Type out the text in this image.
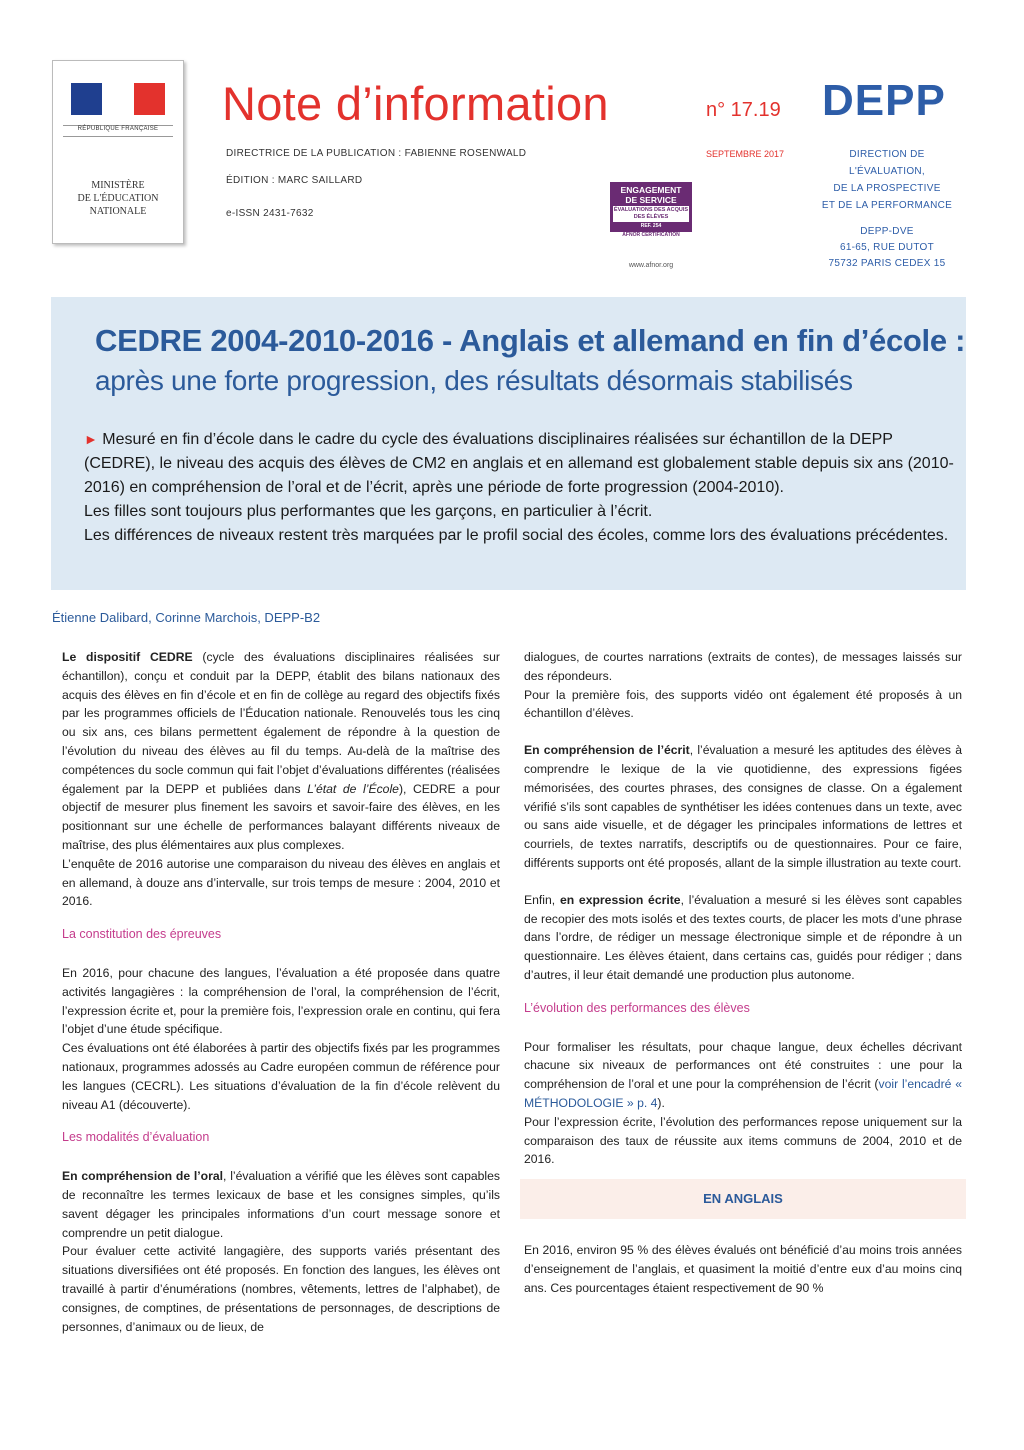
RÉPUBLIQUE FRANÇAISE
MINISTÈRE
DE L'ÉDUCATION
NATIONALE
Note d’information	n° 17.19 DEPP
DIRECTRICE DE LA PUBLICATION : FABIENNE ROSENWALD
ÉDITION : MARC SAILLARD
e-ISSN 2431-7632
SEPTEMBRE 2017
ENGAGEMENT
DE SERVICE
ÉVALUATIONS DES ACQUIS DES ÉLÈVES
REF. 254
AFNOR CERTIFICATION
www.afnor.org
DIRECTION DE
L'ÉVALUATION,
DE LA PROSPECTIVE
ET DE LA PERFORMANCE
DEPP-DVE
61-65, RUE DUTOT
75732 PARIS CEDEX 15
CEDRE 2004-2010-2016 - Anglais et allemand en fin d’école :
après une forte progression, des résultats désormais stabilisés

► Mesuré en fin d’école dans le cadre du cycle des évaluations disciplinaires réalisées sur échantillon de la DEPP (CEDRE), le niveau des acquis des élèves de CM2 en anglais et en allemand est globalement stable depuis six ans (2010-2016) en compréhension de l’oral et de l’écrit, après une période de forte progression (2004-2010).

Les filles sont toujours plus performantes que les garçons, en particulier à l’écrit.

Les différences de niveaux restent très marquées par le profil social des écoles, comme lors des évaluations précédentes.

Étienne Dalibard, Corinne Marchois, DEPP-B2

Le dispositif CEDRE (cycle des évaluations disciplinaires réalisées sur échantillon), conçu et conduit par la DEPP, établit des bilans nationaux des acquis des élèves en fin d’école et en fin de collège au regard des objectifs fixés par les programmes officiels de l’Éducation nationale. Renouvelés tous les cinq ou six ans, ces bilans permettent également de répondre à la question de l’évolution du niveau des élèves au fil du temps. Au-delà de la maîtrise des compétences du socle commun qui fait l’objet d’évaluations différentes (réalisées également par la DEPP et publiées dans L’état de l’École), CEDRE a pour objectif de mesurer plus finement les savoirs et savoir-faire des élèves, en les positionnant sur une échelle de performances balayant différents niveaux de maîtrise, des plus élémentaires aux plus complexes.

L’enquête de 2016 autorise une comparaison du niveau des élèves en anglais et en allemand, à douze ans d’intervalle, sur trois temps de mesure : 2004, 2010 et 2016.

La constitution des épreuves

En 2016, pour chacune des langues, l’évaluation a été proposée dans quatre activités langagières : la compréhension de l’oral, la compréhension de l’écrit, l’expression écrite et, pour la première fois, l’expression orale en continu, qui fera l’objet d’une étude spécifique.

Ces évaluations ont été élaborées à partir des objectifs fixés par les programmes nationaux, programmes adossés au Cadre européen commun de référence pour les langues (CECRL). Les situations d’évaluation de la fin d’école relèvent du niveau A1 (découverte).

Les modalités d’évaluation

En compréhension de l’oral, l’évaluation a vérifié que les élèves sont capables de reconnaître les termes lexicaux de base et les consignes simples, qu’ils savent dégager les principales informations d’un court message sonore et comprendre un petit dialogue.

Pour évaluer cette activité langagière, des supports variés présentant des situations diversifiées ont été proposés. En fonction des langues, les élèves ont travaillé à partir d’énumérations (nombres, vêtements, lettres de l’alphabet), de consignes, de comptines, de présentations de personnages, de descriptions de personnes, d’animaux ou de lieux, de

dialogues, de courtes narrations (extraits de contes), de messages laissés sur des répondeurs.

Pour la première fois, des supports vidéo ont également été proposés à un échantillon d’élèves.

En compréhension de l’écrit, l’évaluation a mesuré les aptitudes des élèves à comprendre le lexique de la vie quotidienne, des expressions figées mémorisées, des courtes phrases, des consignes de classe. On a également vérifié s’ils sont capables de synthétiser les idées contenues dans un texte, avec ou sans aide visuelle, et de dégager les principales informations de lettres et courriels, de textes narratifs, descriptifs ou de questionnaires. Pour ce faire, différents supports ont été proposés, allant de la simple illustration au texte court.

Enfin, en expression écrite, l’évaluation a mesuré si les élèves sont capables de recopier des mots isolés et des textes courts, de placer les mots d’une phrase dans l’ordre, de rédiger un message électronique simple et de répondre à un questionnaire. Les élèves étaient, dans certains cas, guidés pour rédiger ; dans d’autres, il leur était demandé une production plus autonome.

L’évolution des performances des élèves

Pour formaliser les résultats, pour chaque langue, deux échelles décrivant chacune six niveaux de performances ont été construites : une pour la compréhension de l’oral et une pour la compréhension de l’écrit (voir l’encadré « MÉTHODOLOGIE » p. 4).

Pour l’expression écrite, l’évolution des performances repose uniquement sur la comparaison des taux de réussite aux items communs de 2004, 2010 et de 2016.

EN ANGLAIS

En 2016, environ 95 % des élèves évalués ont bénéficié d’au moins trois années d’enseignement de l’anglais, et quasiment la moitié d’entre eux d’au moins cinq ans. Ces pourcentages étaient respectivement de 90 %
